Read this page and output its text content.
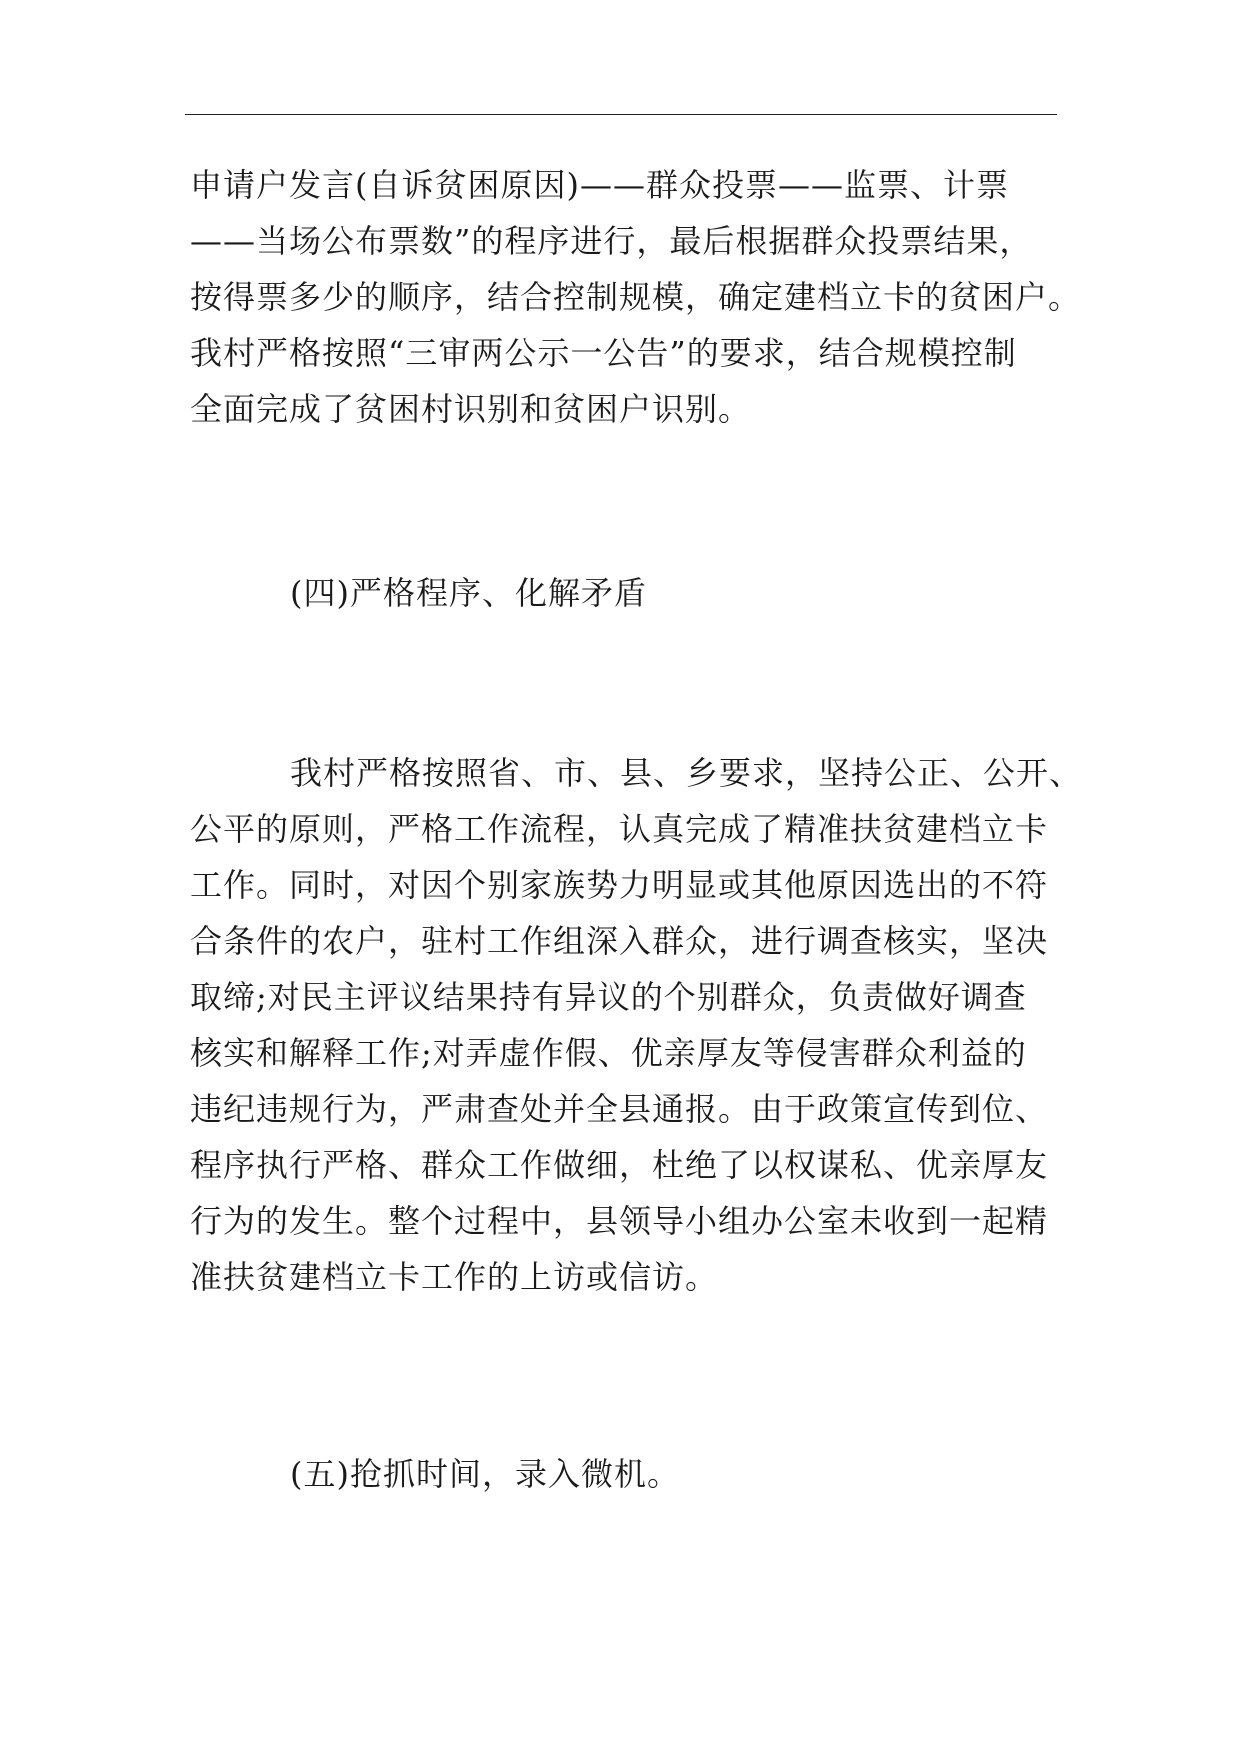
申请户发言(自诉贫困原因)——群众投票——监票、计票
——当场公布票数”的程序进行，最后根据群众投票结果，
按得票多少的顺序，结合控制规模，确定建档立卡的贫困户。
我村严格按照“三审两公示一公告”的要求，结合规模控制
全面完成了贫困村识别和贫困户识别。
(四)严格程序、化解矛盾
我村严格按照省、市、县、乡要求，坚持公正、公开、
公平的原则，严格工作流程，认真完成了精准扶贫建档立卡
工作。同时，对因个别家族势力明显或其他原因选出的不符
合条件的农户，驻村工作组深入群众，进行调查核实，坚决
取缔;对民主评议结果持有异议的个别群众，负责做好调查
核实和解释工作;对弄虚作假、优亲厚友等侵害群众利益的
违纪违规行为，严肃查处并全县通报。由于政策宣传到位、
程序执行严格、群众工作做细，杜绝了以权谋私、优亲厚友
行为的发生。整个过程中，县领导小组办公室未收到一起精
准扶贫建档立卡工作的上访或信访。
(五)抢抓时间，录入微机。
